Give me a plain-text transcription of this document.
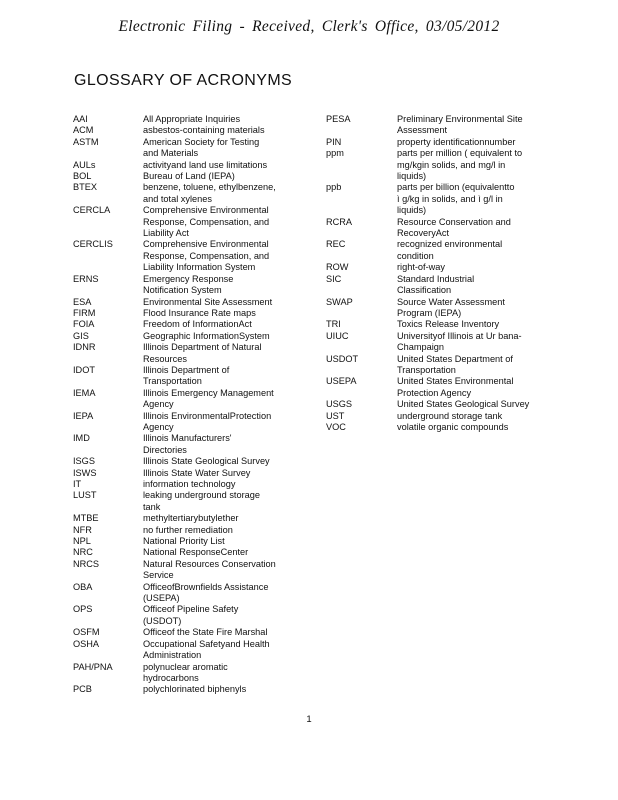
Electronic Filing - Received, Clerk's Office, 03/05/2012
GLOSSARY OF ACRONYMS
AAI	All Appropriate Inquiries
ACM	asbestos-containing materials
ASTM	American Society for Testing
and Materials
AULs	activityand land use limitations
BOL	Bureau of Land (IEPA)
BTEX	benzene, toluene, ethylbenzene,
and total xylenes
CERCLA	Comprehensive Environmental
Response, Compensation, and
Liability Act
CERCLIS	Comprehensive Environmental
Response, Compensation, and
Liability Information System
ERNS	Emergency Response
Notification System
ESA	Environmental Site Assessment
FIRM	Flood Insurance Rate maps
FOIA	Freedom of InformationAct
GIS	Geographic InformationSystem
IDNR	Illinois Department of Natural
Resources
IDOT	Illinois Department of
Transportation
IEMA	Illinois Emergency Management
Agency
IEPA	Illinois EnvironmentalProtection
Agency
IMD	Illinois Manufacturers'
Directories
ISGS	Illinois State Geological Survey
ISWS	Illinois State Water Survey
IT	information technology
LUST	leaking underground storage
tank
MTBE	methyltertiarybutylether
NFR	no further remediation
NPL	National Priority List
NRC	National ResponseCenter
NRCS	Natural Resources Conservation
Service
OBA	OfficeofBrownfields Assistance
(USEPA)
OPS	Officeof Pipeline Safety
(USDOT)
OSFM	Officeof the State Fire Marshal
OSHA	Occupational Safetyand Health
Administration
PAH/PNA	polynuclear aromatic
hydrocarbons
PCB	polychlorinated biphenyls
PESA	Preliminary Environmental Site
Assessment
PIN	property identificationnumber
ppm	parts per million ( equivalent to
mg/kgin solids, and mg/l in
liquids)
ppb	parts per billion (equivalentto
ì g/kg in solids, and ì g/l in
liquids)
RCRA	Resource Conservation and
RecoveryAct
REC	recognized environmental
condition
ROW	right-of-way
SIC	Standard Industrial
Classification
SWAP	Source Water Assessment
Program (IEPA)
TRI	Toxics Release Inventory
UIUC	Universityof Illinois at Ur bana-
Champaign
USDOT	United States Department of
Transportation
USEPA	United States Environmental
Protection Agency
USGS	United States Geological Survey
UST	underground storage tank
VOC	volatile organic compounds
1
